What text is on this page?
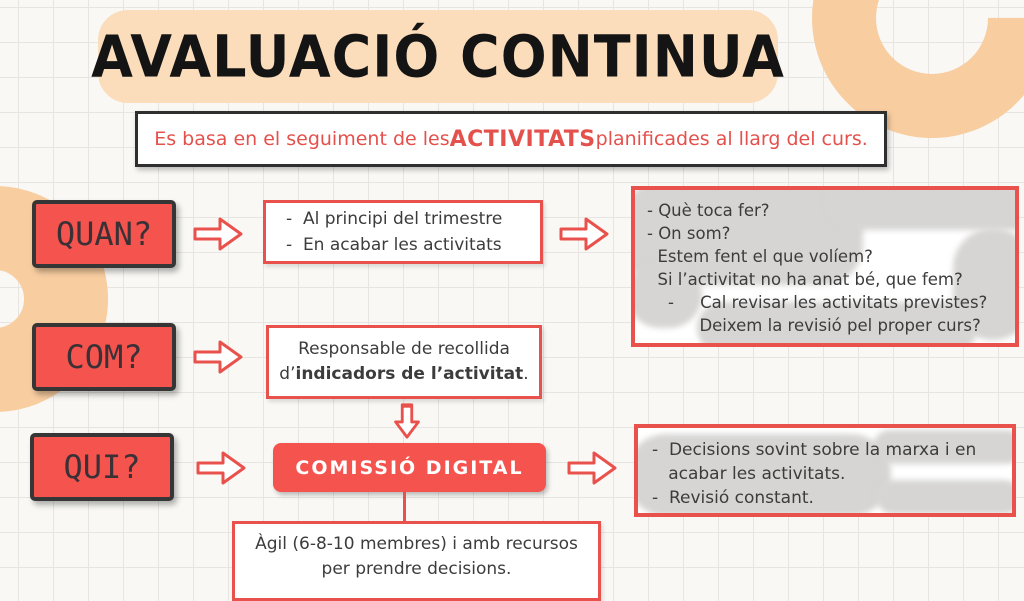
AVALUACIÓ CONTINUA
Es basa en el seguiment de les ACTIVITATS planificades al llarg del curs.
QUAN?	-  Al principi del trimestre
-  En acabar les activitats
- Què toca fer?
- On som?
Estem fent el que volíem?
Si l’activitat no ha anat bé, que fem?
-     Cal revisar les activitats previstes?
Deixem la revisió pel proper curs?
COM?	Responsable de recollida
d’indicadors de l’activitat.
QUI?	COMISSIÓ DIGITAL
-  Decisions sovint sobre la marxa i en
acabar les activitats.
-  Revisió constant.
Àgil (6-8-10 membres) i amb recursos per prendre decisions.
